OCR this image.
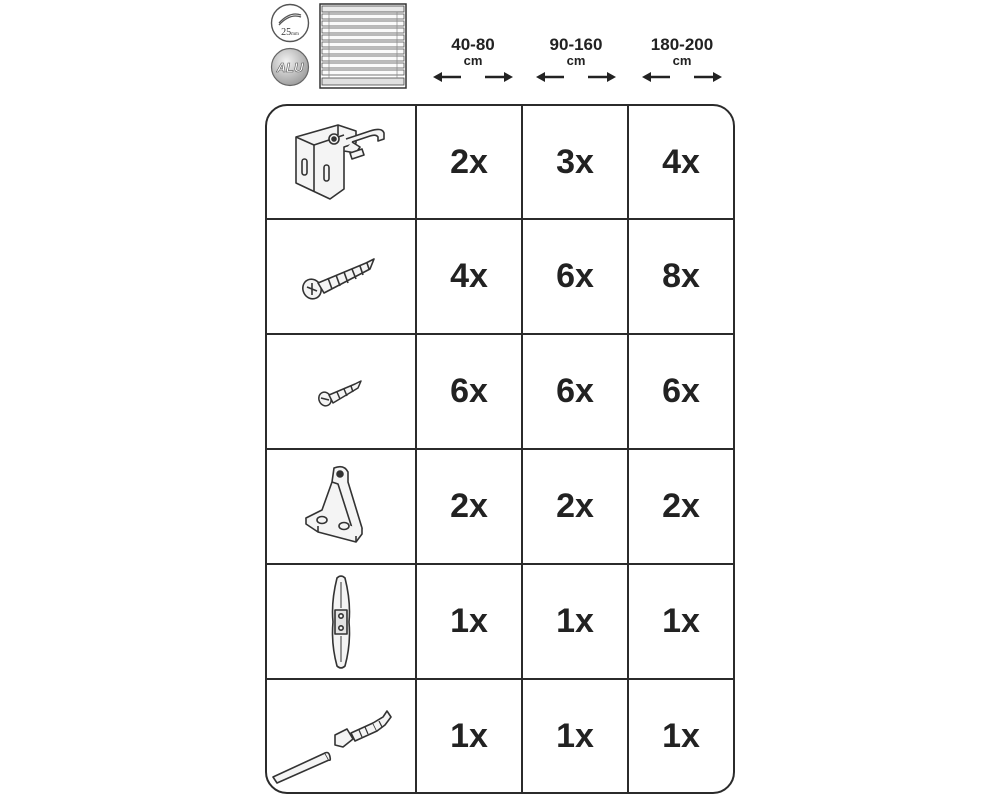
25mm
ALU
40-80
cm
90-160
cm
180-200
cm
2x	3x	4x
4x	6x	8x
6x	6x	6x
2x	2x	2x
1x	1x	1x
1x	1x	1x
